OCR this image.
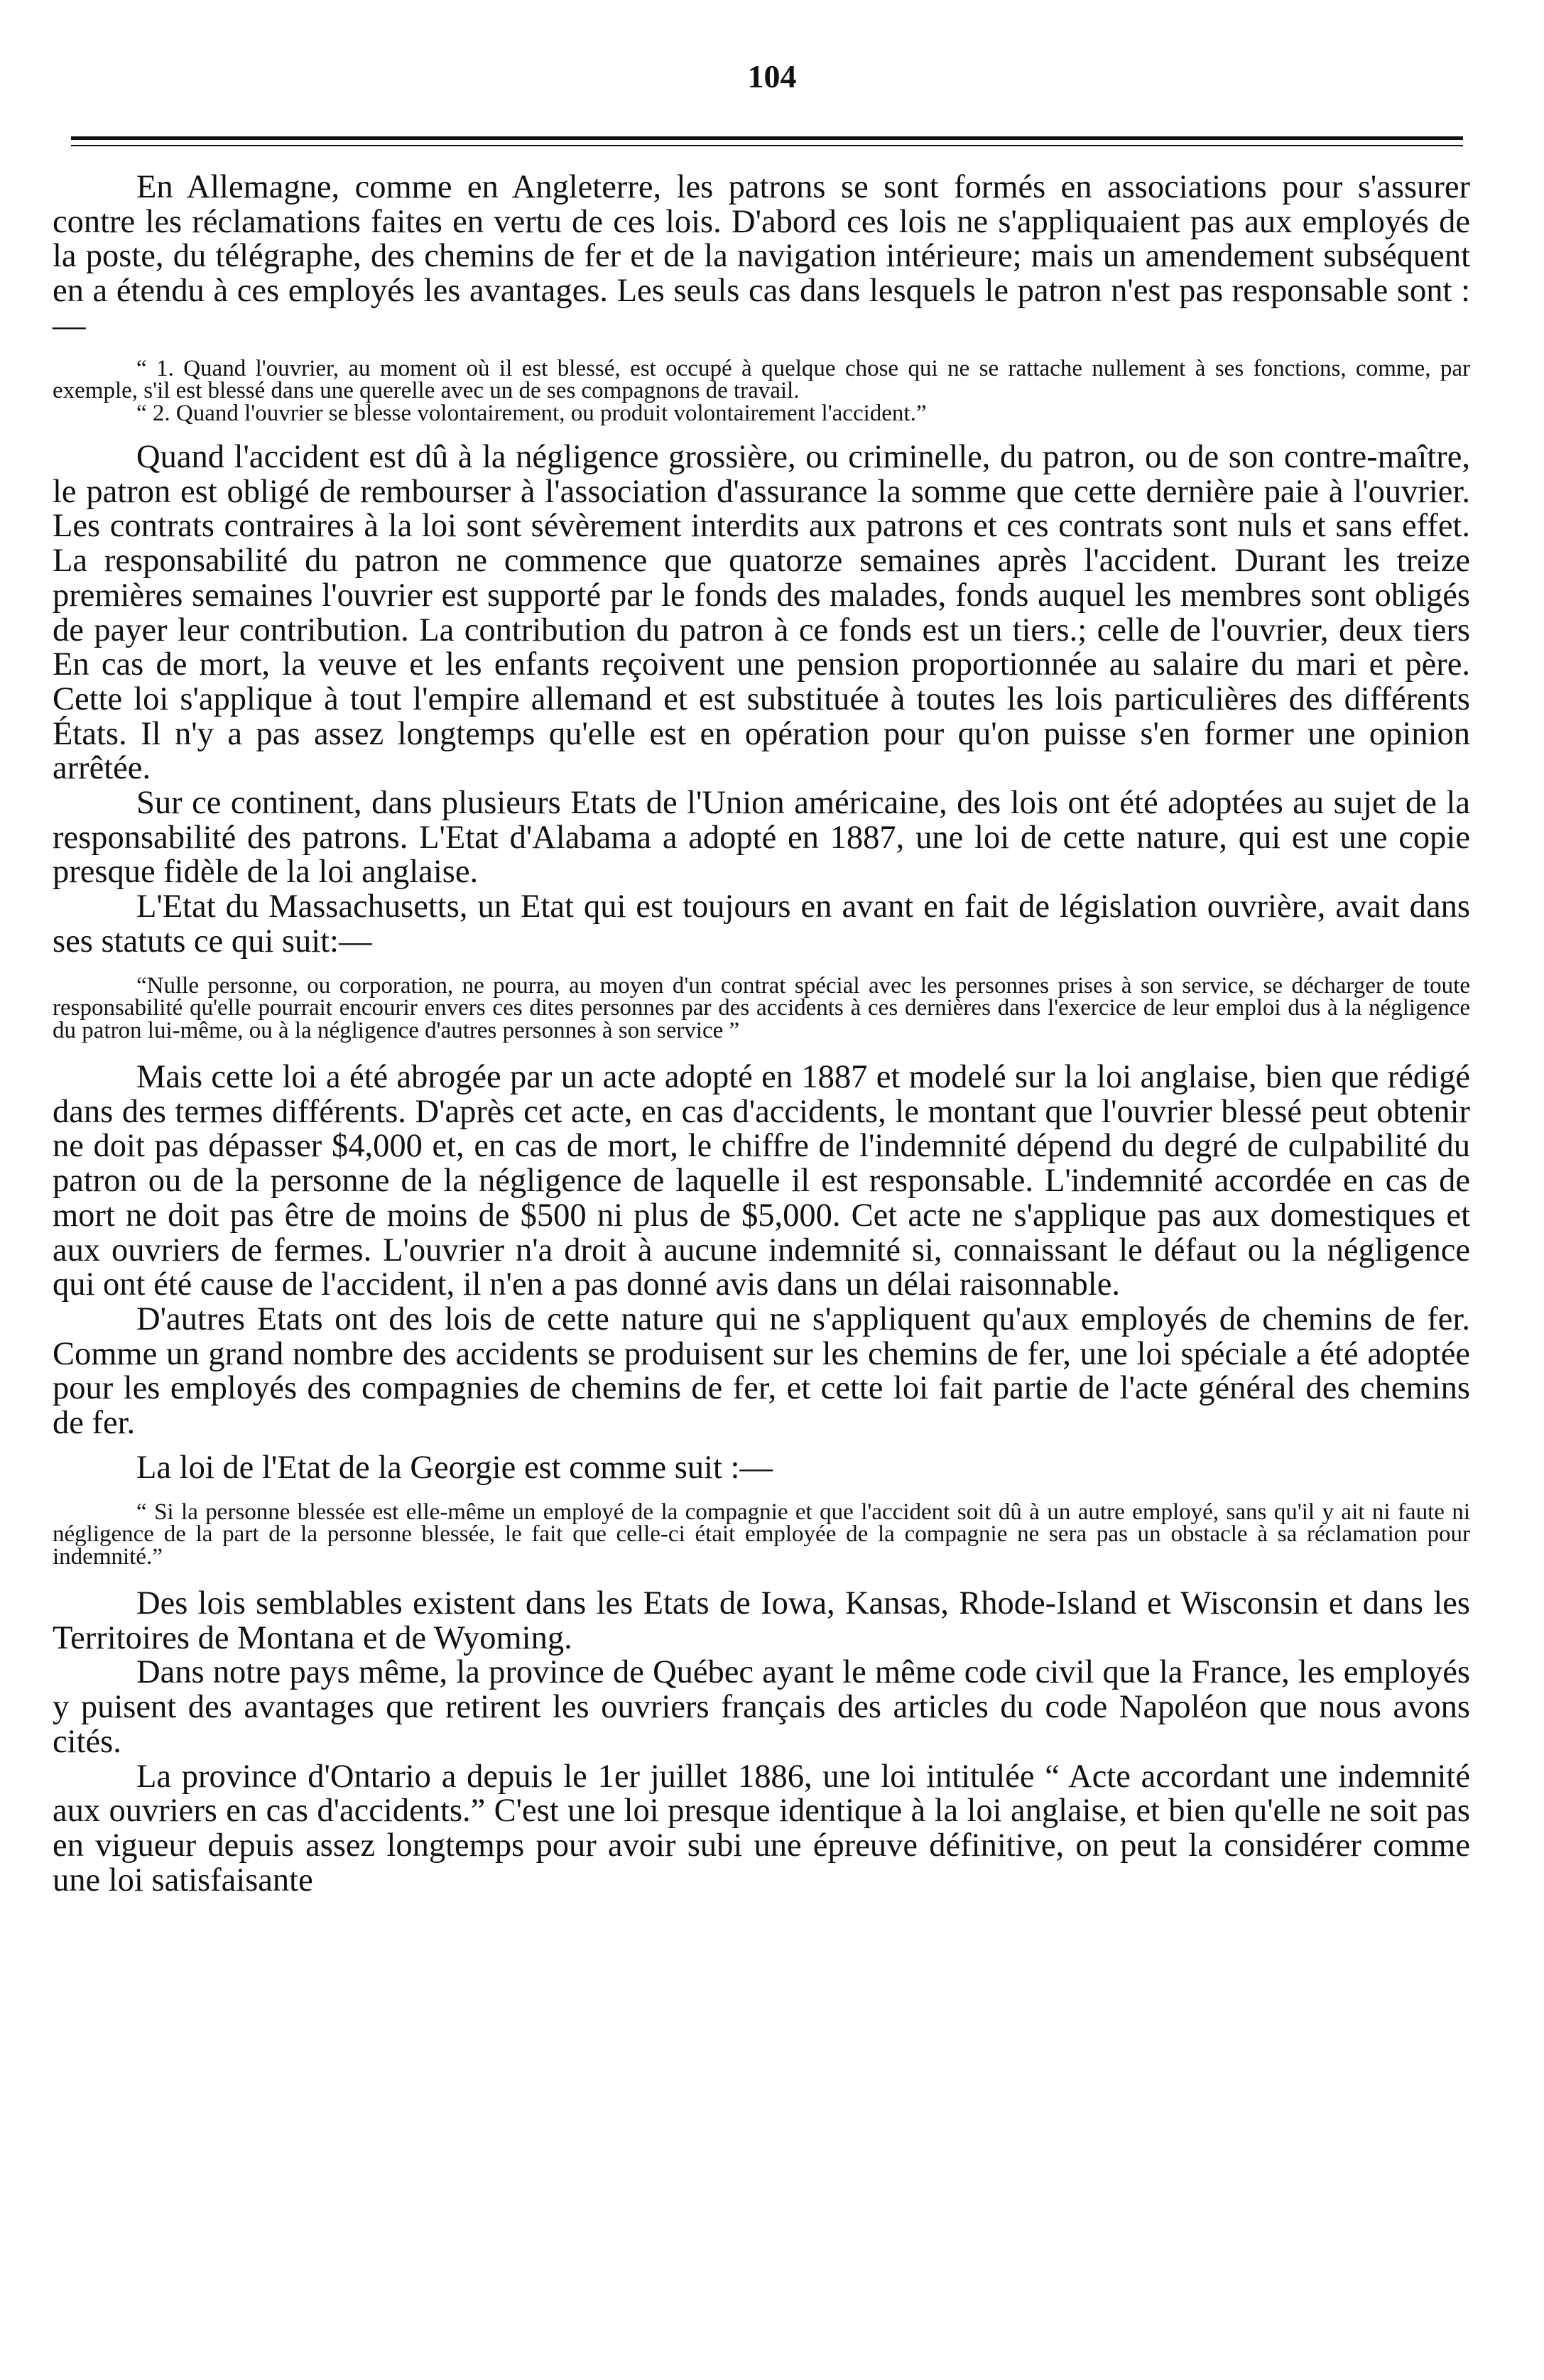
104

En Allemagne, comme en Angleterre, les patrons se sont formés en associations pour s'assurer contre les réclamations faites en vertu de ces lois. D'abord ces lois ne s'appliquaient pas aux employés de la poste, du télégraphe, des chemins de fer et de la navigation intérieure; mais un amendement subséquent en a étendu à ces employés les avantages. Les seuls cas dans lesquels le patron n'est pas responsable sont :—

“ 1. Quand l'ouvrier, au moment où il est blessé, est occupé à quelque chose qui ne se rattache nullement à ses fonctions, comme, par exemple, s'il est blessé dans une querelle avec un de ses compagnons de travail.

“ 2. Quand l'ouvrier se blesse volontairement, ou produit volontairement l'accident.”

Quand l'accident est dû à la négligence grossière, ou criminelle, du patron, ou de son contre-maître, le patron est obligé de rembourser à l'association d'assurance la somme que cette dernière paie à l'ouvrier. Les contrats contraires à la loi sont sévèrement interdits aux patrons et ces contrats sont nuls et sans effet. La responsabilité du patron ne commence que quatorze semaines après l'accident. Durant les treize premières semaines l'ouvrier est supporté par le fonds des malades, fonds auquel les membres sont obligés de payer leur contribution. La contribution du patron à ce fonds est un tiers.; celle de l'ouvrier, deux tiers En cas de mort, la veuve et les enfants reçoivent une pension proportionnée au salaire du mari et père. Cette loi s'applique à tout l'empire allemand et est substituée à toutes les lois particulières des différents États. Il n'y a pas assez longtemps qu'elle est en opération pour qu'on puisse s'en former une opinion arrêtée.

Sur ce continent, dans plusieurs Etats de l'Union américaine, des lois ont été adoptées au sujet de la responsabilité des patrons. L'Etat d'Alabama a adopté en 1887, une loi de cette nature, qui est une copie presque fidèle de la loi anglaise.

L'Etat du Massachusetts, un Etat qui est toujours en avant en fait de législation ouvrière, avait dans ses statuts ce qui suit:—

“Nulle personne, ou corporation, ne pourra, au moyen d'un contrat spécial avec les personnes prises à son service, se décharger de toute responsabilité qu'elle pourrait encourir envers ces dites personnes par des accidents à ces dernières dans l'exercice de leur emploi dus à la négligence du patron lui-même, ou à la négligence d'autres personnes à son service ”

Mais cette loi a été abrogée par un acte adopté en 1887 et modelé sur la loi anglaise, bien que rédigé dans des termes différents. D'après cet acte, en cas d'accidents, le montant que l'ouvrier blessé peut obtenir ne doit pas dépasser $4,000 et, en cas de mort, le chiffre de l'indemnité dépend du degré de culpabilité du patron ou de la personne de la négligence de laquelle il est responsable. L'indemnité accordée en cas de mort ne doit pas être de moins de $500 ni plus de $5,000. Cet acte ne s'applique pas aux domestiques et aux ouvriers de fermes. L'ouvrier n'a droit à aucune indemnité si, connaissant le défaut ou la négligence qui ont été cause de l'accident, il n'en a pas donné avis dans un délai raisonnable.

D'autres Etats ont des lois de cette nature qui ne s'appliquent qu'aux employés de chemins de fer. Comme un grand nombre des accidents se produisent sur les chemins de fer, une loi spéciale a été adoptée pour les employés des compagnies de chemins de fer, et cette loi fait partie de l'acte général des chemins de fer.

La loi de l'Etat de la Georgie est comme suit :—

“ Si la personne blessée est elle-même un employé de la compagnie et que l'accident soit dû à un autre employé, sans qu'il y ait ni faute ni négligence de la part de la personne blessée, le fait que celle-ci était employée de la compagnie ne sera pas un obstacle à sa réclamation pour indemnité.”

Des lois semblables existent dans les Etats de Iowa, Kansas, Rhode-Island et Wisconsin et dans les Territoires de Montana et de Wyoming.

Dans notre pays même, la province de Québec ayant le même code civil que la France, les employés y puisent des avantages que retirent les ouvriers français des articles du code Napoléon que nous avons cités.

La province d'Ontario a depuis le 1er juillet 1886, une loi intitulée “ Acte accordant une indemnité aux ouvriers en cas d'accidents.” C'est une loi presque identique à la loi anglaise, et bien qu'elle ne soit pas en vigueur depuis assez longtemps pour avoir subi une épreuve définitive, on peut la considérer comme une loi satisfaisante
